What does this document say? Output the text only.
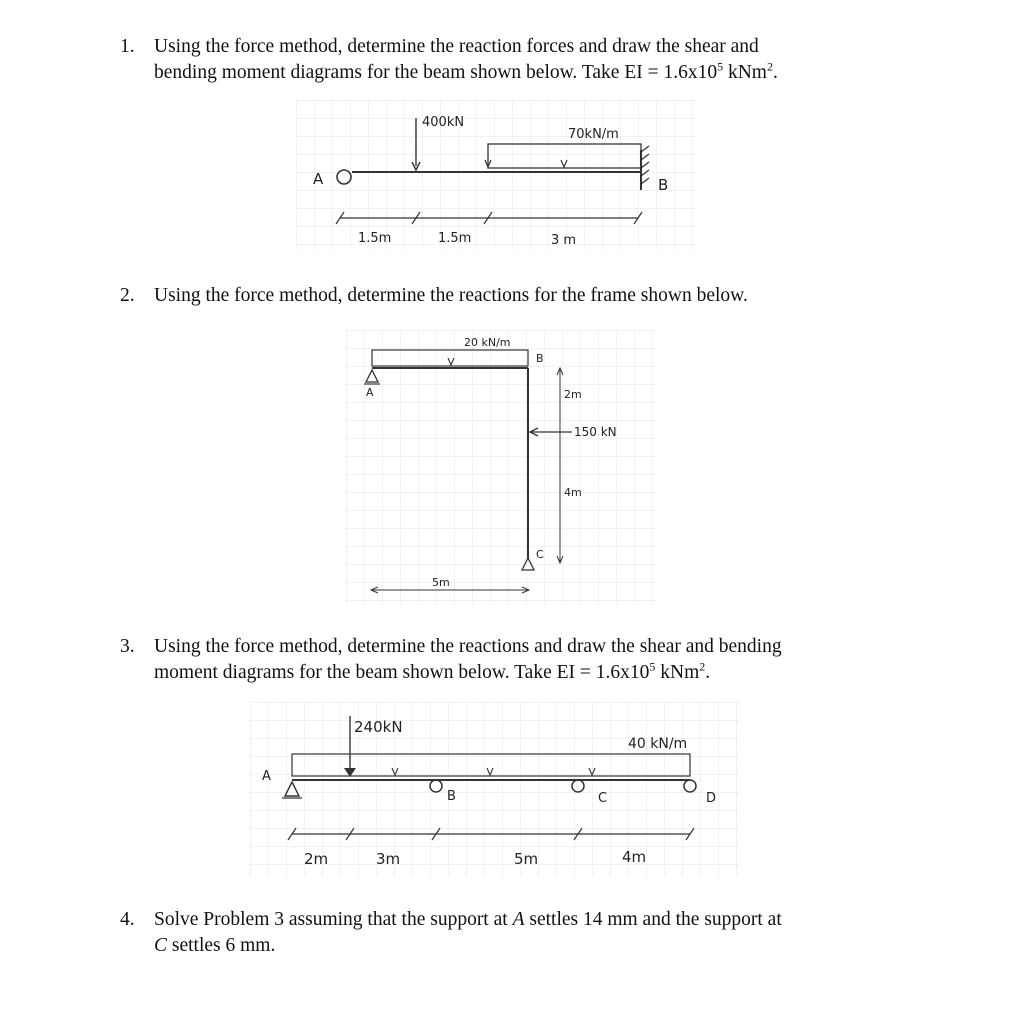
1. Using the force method, determine the reaction forces and draw the shear and
bending moment diagrams for the beam shown below. Take EI = $1.6x10^5$ kNm$^2$.
A	B
400kN
70kN/m
1.5m	1.5m	3 m
2. Using the force method, determine the reactions for the frame shown below.
20 kN/m
A
B
C
2m
4m
150 kN
5m
3. Using the force method, determine the reactions and draw the shear and bending
moment diagrams for the beam shown below. Take EI = $1.6x10^5$ kNm$^2$.
40 kN/m
240kN
A
B	C	D
2m	3m	5m	4m
4. Solve Problem 3 assuming that the support at A settles 14 mm and the support at
C settles 6 mm.
